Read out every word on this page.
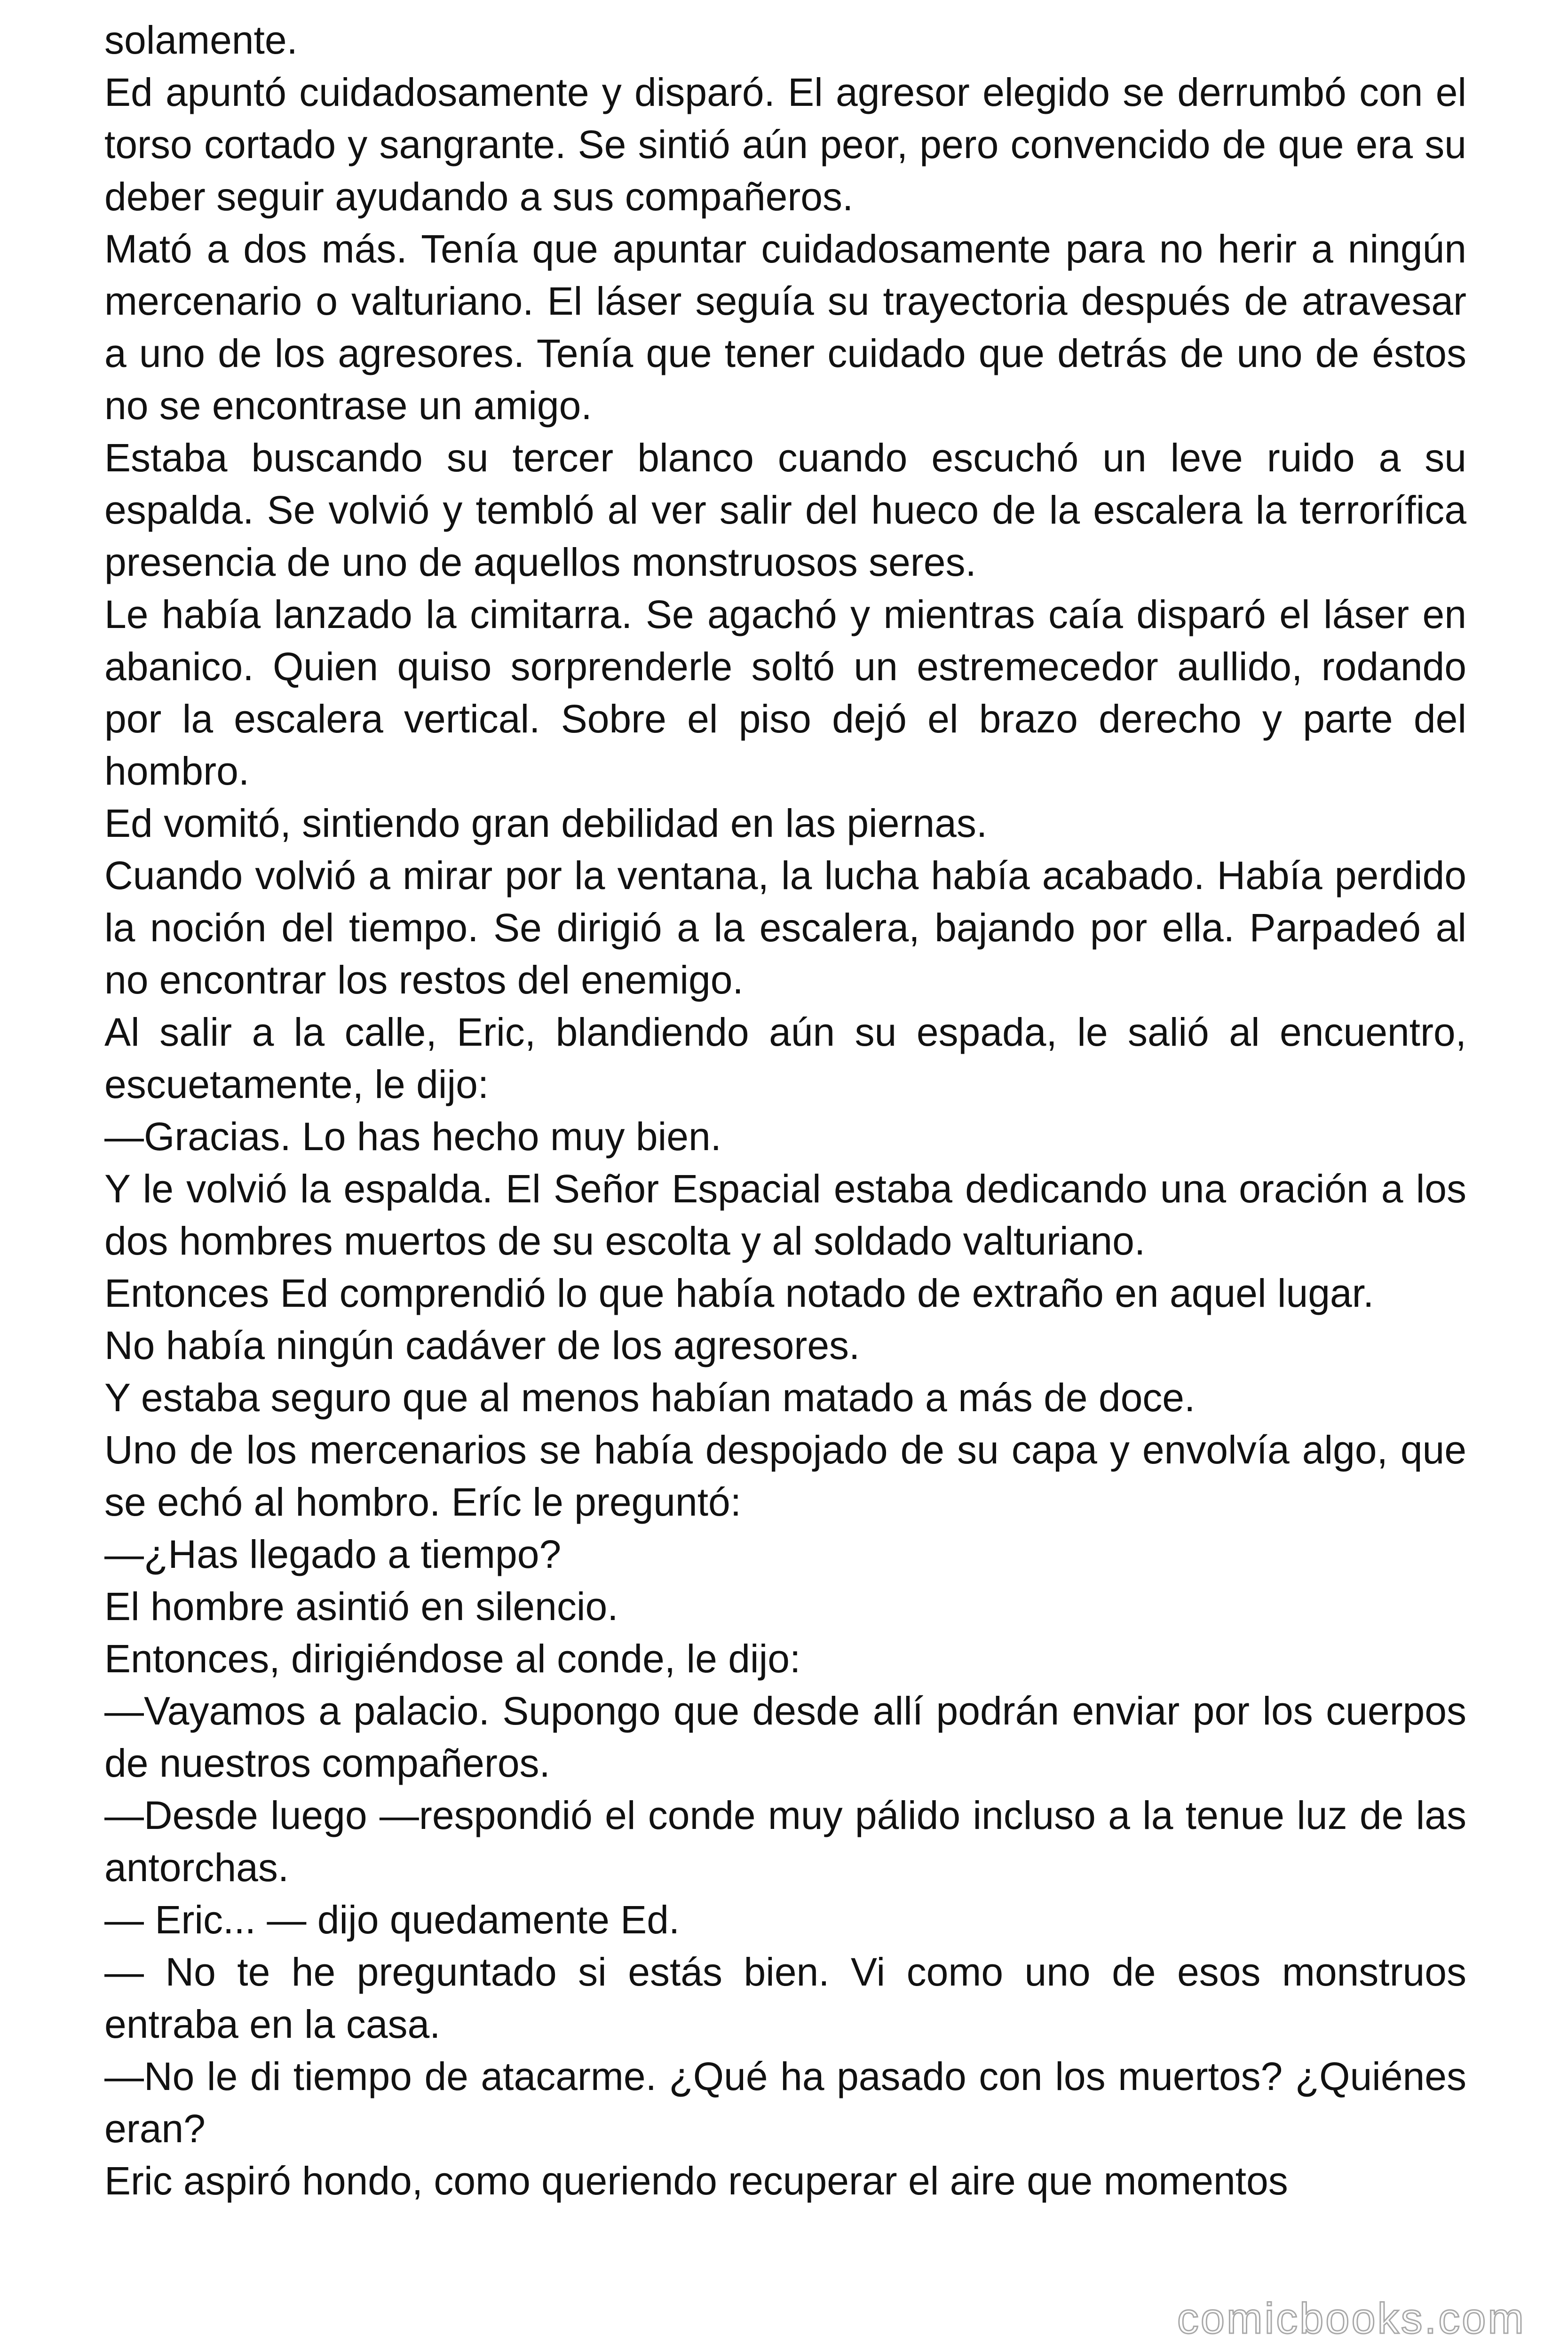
solamente.

Ed apuntó cuidadosamente y disparó. El agresor elegido se derrumbó con el torso cortado y sangrante. Se sintió aún peor, pero convencido de que era su deber seguir ayudando a sus compañeros.

Mató a dos más. Tenía que apuntar cuidadosamente para no herir a ningún mercenario o valturiano. El láser seguía su trayectoria después de atravesar a uno de los agresores. Tenía que tener cuidado que detrás de uno de éstos no se encontrase un amigo.

Estaba buscando su tercer blanco cuando escuchó un leve ruido a su espalda. Se volvió y tembló al ver salir del hueco de la escalera la terrorífica presencia de uno de aquellos monstruosos seres.

Le había lanzado la cimitarra. Se agachó y mientras caía disparó el láser en abanico. Quien quiso sorprenderle soltó un estremecedor aullido, rodando por la escalera vertical. Sobre el piso dejó el brazo derecho y parte del hombro.

Ed vomitó, sintiendo gran debilidad en las piernas.

Cuando volvió a mirar por la ventana, la lucha había acabado. Había perdido la noción del tiempo. Se dirigió a la escalera, bajando por ella. Parpadeó al no encontrar los restos del enemigo.

Al salir a la calle, Eric, blandiendo aún su espada, le salió al encuentro, escuetamente, le dijo:

—Gracias. Lo has hecho muy bien.

Y le volvió la espalda. El Señor Espacial estaba dedicando una oración a los dos hombres muertos de su escolta y al soldado valturiano.

Entonces Ed comprendió lo que había notado de extraño en aquel lugar.

No había ningún cadáver de los agresores.

Y estaba seguro que al menos habían matado a más de doce.

Uno de los mercenarios se había despojado de su capa y envolvía algo, que se echó al hombro. Eríc le preguntó:

—¿Has llegado a tiempo?

El hombre asintió en silencio.

Entonces, dirigiéndose al conde, le dijo:

—Vayamos a palacio. Supongo que desde allí podrán enviar por los cuerpos de nuestros compañeros.

—Desde luego —respondió el conde muy pálido incluso a la tenue luz de las antorchas.

— Eric... — dijo quedamente Ed.

— No te he preguntado si estás bien. Vi como uno de esos monstruos entraba en la casa.

—No le di tiempo de atacarme. ¿Qué ha pasado con los muertos? ¿Quiénes eran?

Eric aspiró hondo, como queriendo recuperar el aire que momentos

comicbooks.com
